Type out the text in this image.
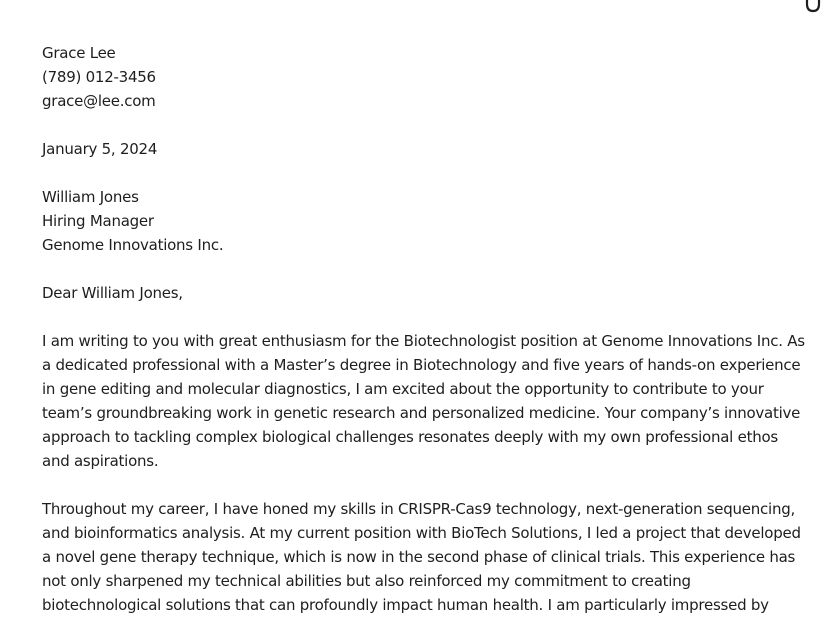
Grace Lee
(789) 012-3456
grace@lee.com
January 5, 2024
William Jones
Hiring Manager
Genome Innovations Inc.
Dear William Jones,
I am writing to you with great enthusiasm for the Biotechnologist position at Genome Innovations Inc. As
a dedicated professional with a Master’s degree in Biotechnology and five years of hands-on experience
in gene editing and molecular diagnostics, I am excited about the opportunity to contribute to your
team’s groundbreaking work in genetic research and personalized medicine. Your company’s innovative
approach to tackling complex biological challenges resonates deeply with my own professional ethos
and aspirations.
Throughout my career, I have honed my skills in CRISPR-Cas9 technology, next-generation sequencing,
and bioinformatics analysis. At my current position with BioTech Solutions, I led a project that developed
a novel gene therapy technique, which is now in the second phase of clinical trials. This experience has
not only sharpened my technical abilities but also reinforced my commitment to creating
biotechnological solutions that can profoundly impact human health. I am particularly impressed by
